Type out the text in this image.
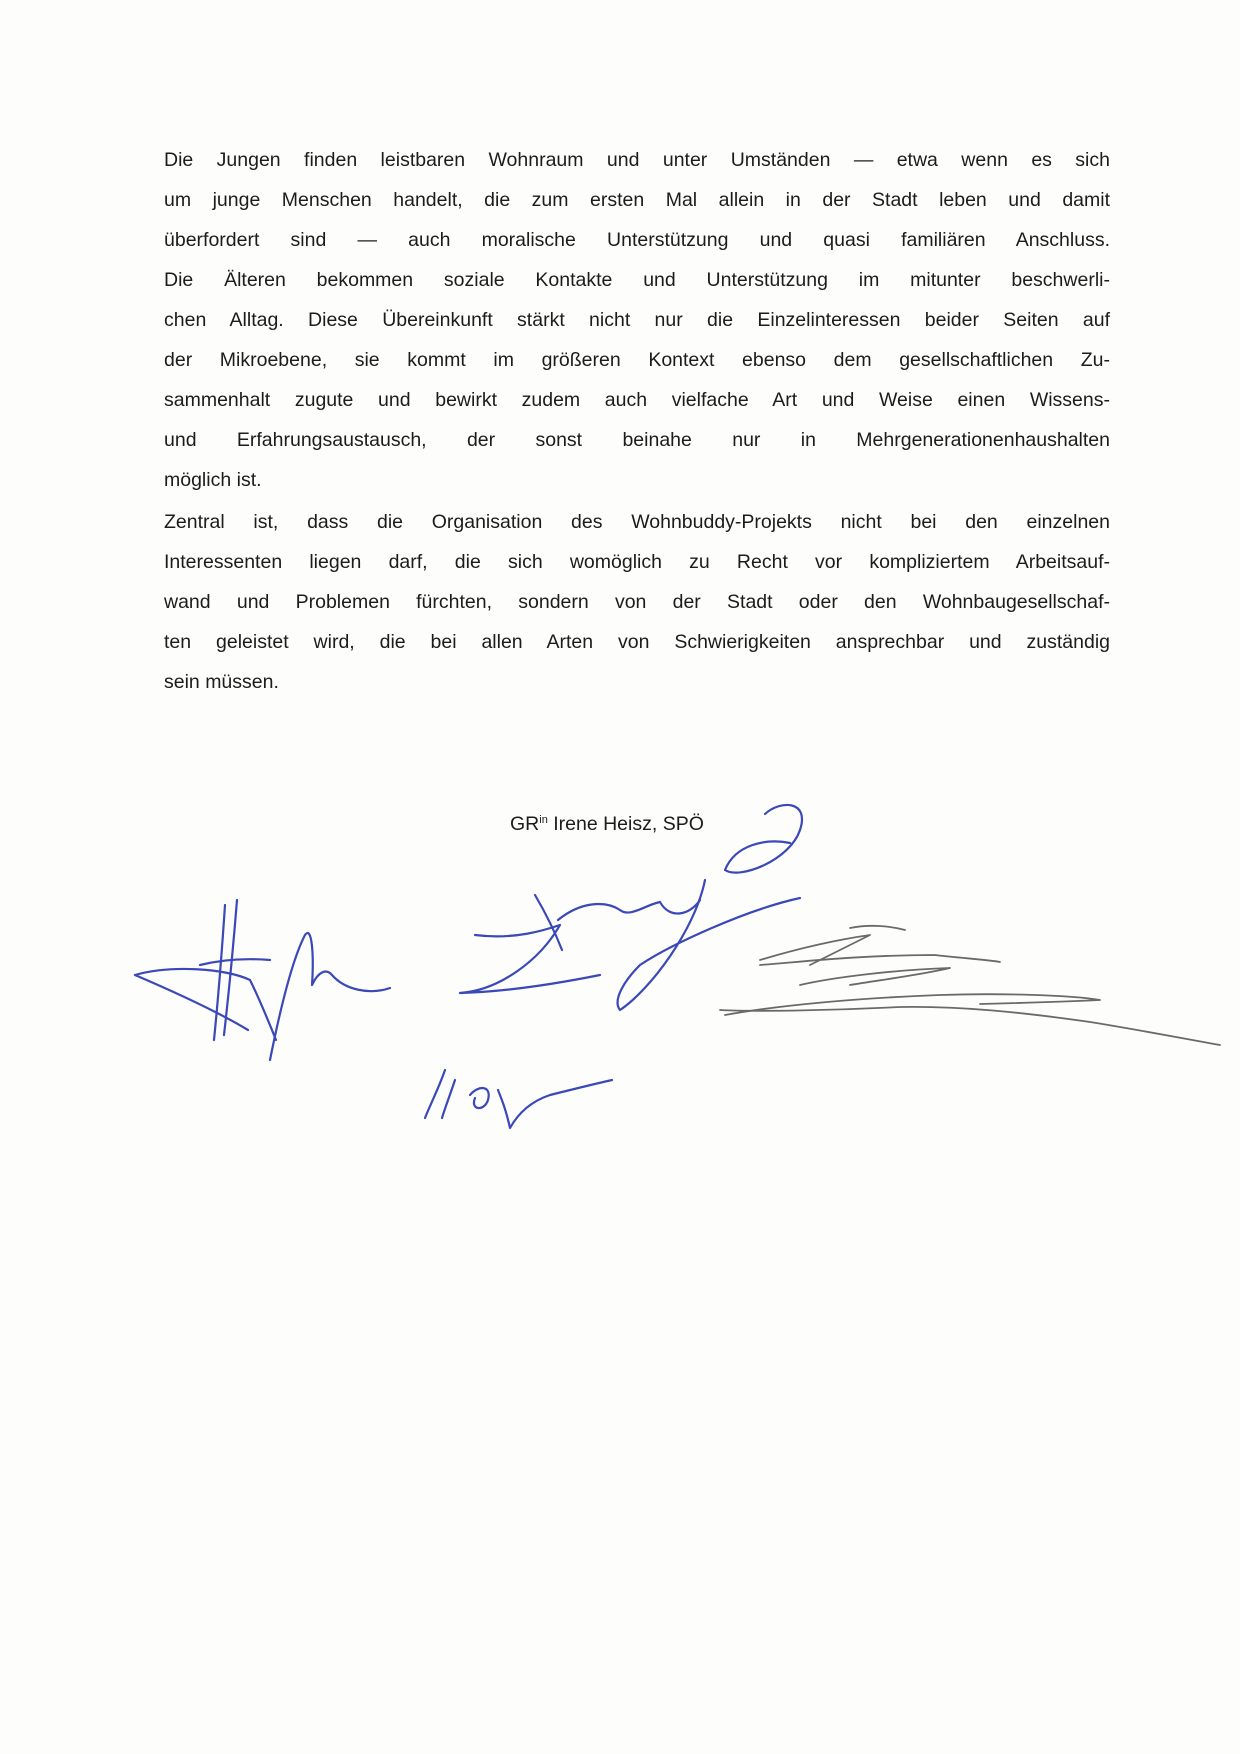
Die Jungen finden leistbaren Wohnraum und unter Umständen — etwa wenn es sich
um junge Menschen handelt, die zum ersten Mal allein in der Stadt leben und damit
überfordert sind — auch moralische Unterstützung und quasi familiären Anschluss.
Die Älteren bekommen soziale Kontakte und Unterstützung im mitunter beschwerli-
chen Alltag. Diese Übereinkunft stärkt nicht nur die Einzelinteressen beider Seiten auf
der Mikroebene, sie kommt im größeren Kontext ebenso dem gesellschaftlichen Zu-
sammenhalt zugute und bewirkt zudem auch vielfache Art und Weise einen Wissens-
und Erfahrungsaustausch, der sonst beinahe nur in Mehrgenerationenhaushalten
möglich ist.

Zentral ist, dass die Organisation des Wohnbuddy-Projekts nicht bei den einzelnen
Interessenten liegen darf, die sich womöglich zu Recht vor kompliziertem Arbeitsauf-
wand und Problemen fürchten, sondern von der Stadt oder den Wohnbaugesellschaf-
ten geleistet wird, die bei allen Arten von Schwierigkeiten ansprechbar und zuständig
sein müssen.

$GR^{in}$ Irene Heisz, SPÖ
